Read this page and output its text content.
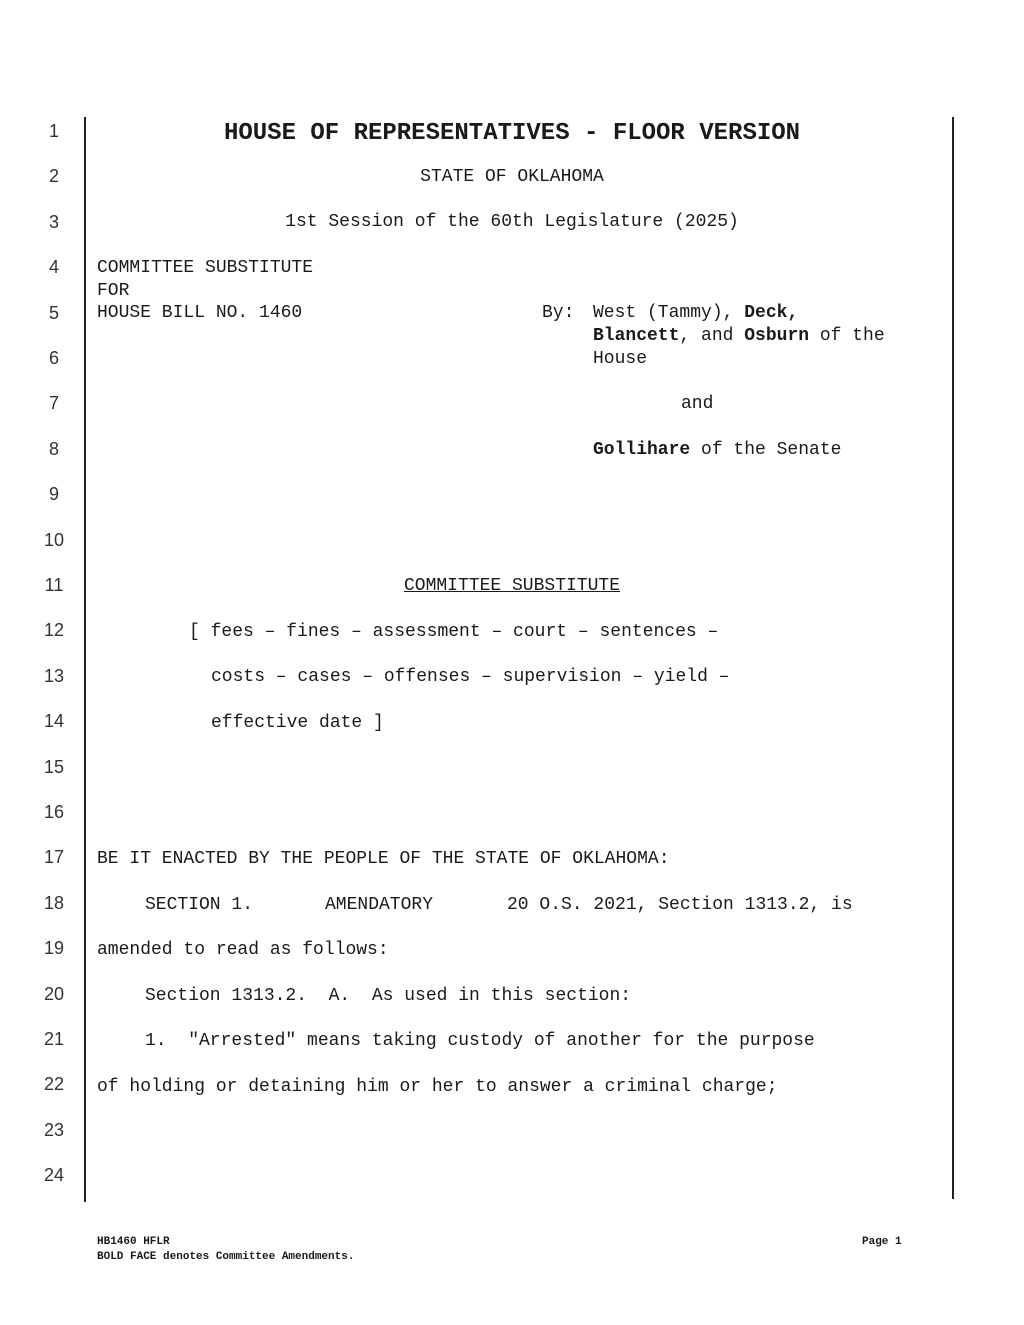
1
2
3
4
5
6
7
8
9
10
11
12
13
14
15
16
17
18
19
20
21
22
23
24
HOUSE OF REPRESENTATIVES - FLOOR VERSION
STATE OF OKLAHOMA
1st Session of the 60th Legislature (2025)
COMMITTEE SUBSTITUTE
FOR
HOUSE BILL NO. 1460	By: West (Tammy), Deck,
Blancett, and Osburn of the
House
and
Gollihare of the Senate
COMMITTEE SUBSTITUTE
[ fees – fines – assessment – court – sentences –
costs – cases – offenses – supervision – yield –
effective date ]
BE IT ENACTED BY THE PEOPLE OF THE STATE OF OKLAHOMA:
SECTION 1.	AMENDATORY	20 O.S. 2021, Section 1313.2, is
amended to read as follows:
Section 1313.2.  A.  As used in this section:
1.  "Arrested" means taking custody of another for the purpose
of holding or detaining him or her to answer a criminal charge;
HB1460 HFLR
BOLD FACE denotes Committee Amendments.
Page 1
